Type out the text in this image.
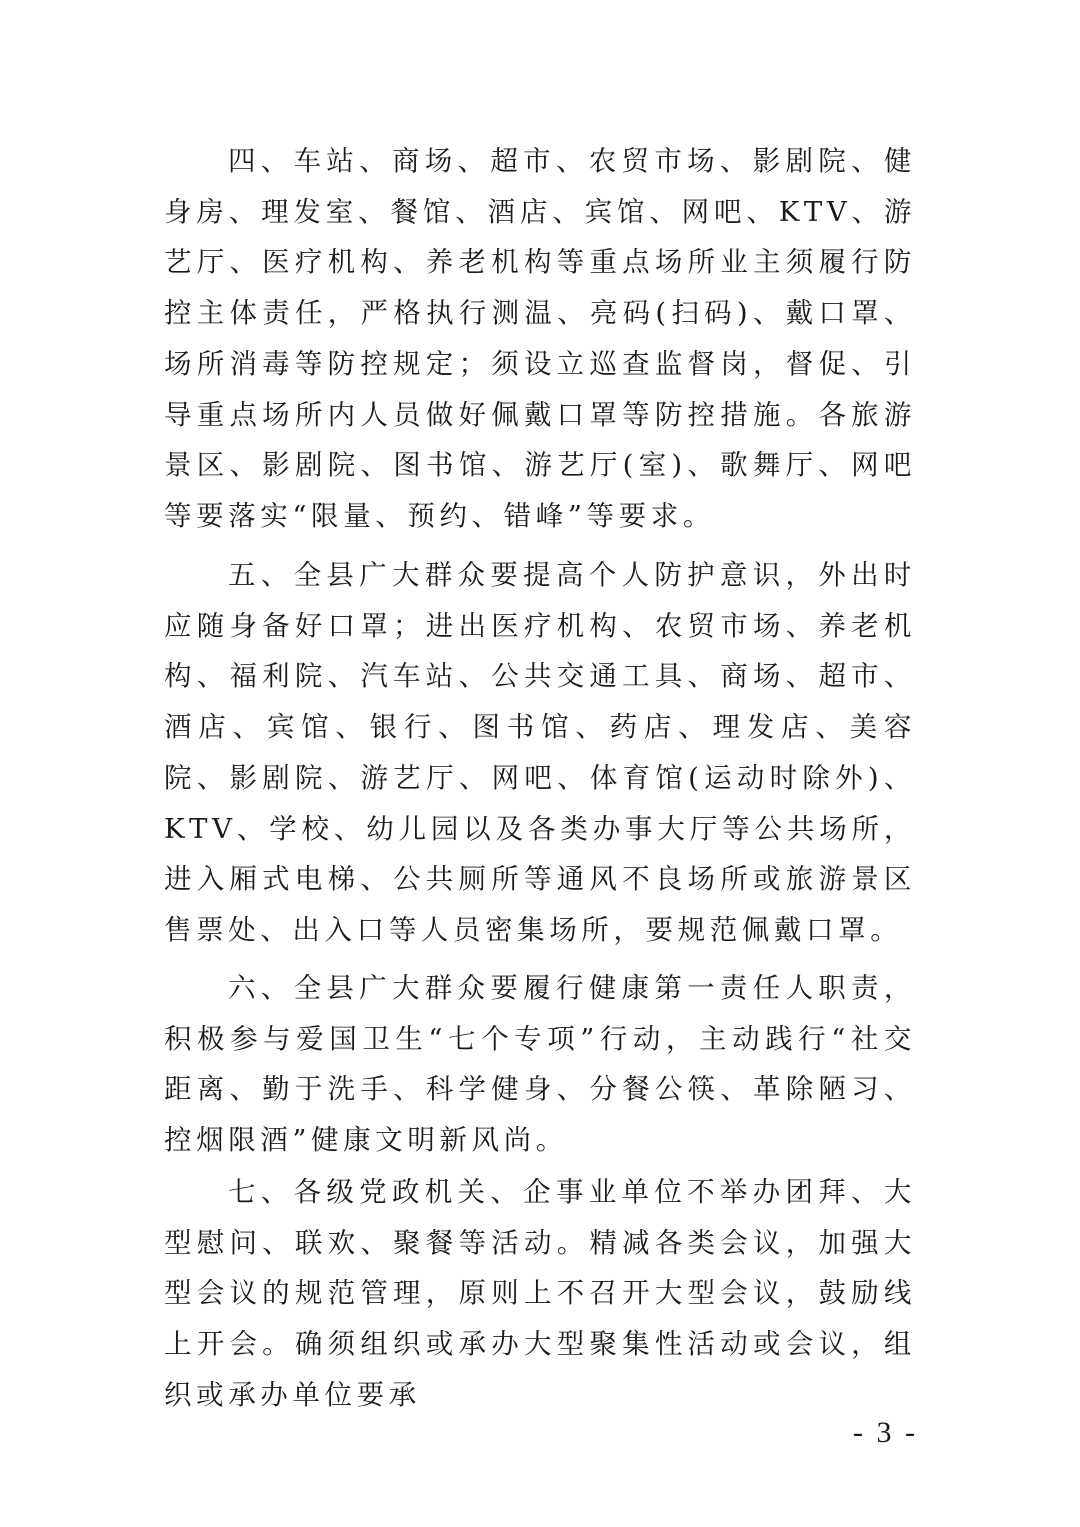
四、车站、商场、超市、农贸市场、影剧院、健身房、理发室、餐馆、酒店、宾馆、网吧、KTV、游艺厅、医疗机构、养老机构等重点场所业主须履行防控主体责任，严格执行测温、亮码(扫码)、戴口罩、场所消毒等防控规定；须设立巡查监督岗，督促、引导重点场所内人员做好佩戴口罩等防控措施。各旅游景区、影剧院、图书馆、游艺厅(室)、歌舞厅、网吧等要落实“限量、预约、错峰”等要求。

五、全县广大群众要提高个人防护意识，外出时应随身备好口罩；进出医疗机构、农贸市场、养老机构、福利院、汽车站、公共交通工具、商场、超市、酒店、宾馆、银行、图书馆、药店、理发店、美容院、影剧院、游艺厅、网吧、体育馆(运动时除外)、KTV、学校、幼儿园以及各类办事大厅等公共场所，进入厢式电梯、公共厕所等通风不良场所或旅游景区售票处、出入口等人员密集场所，要规范佩戴口罩。

六、全县广大群众要履行健康第一责任人职责，积极参与爱国卫生“七个专项”行动，主动践行“社交距离、勤于洗手、科学健身、分餐公筷、革除陋习、控烟限酒”健康文明新风尚。

七、各级党政机关、企事业单位不举办团拜、大型慰问、联欢、聚餐等活动。精减各类会议，加强大型会议的规范管理，原则上不召开大型会议，鼓励线上开会。确须组织或承办大型聚集性活动或会议，组织或承办单位要承

- 3 -
